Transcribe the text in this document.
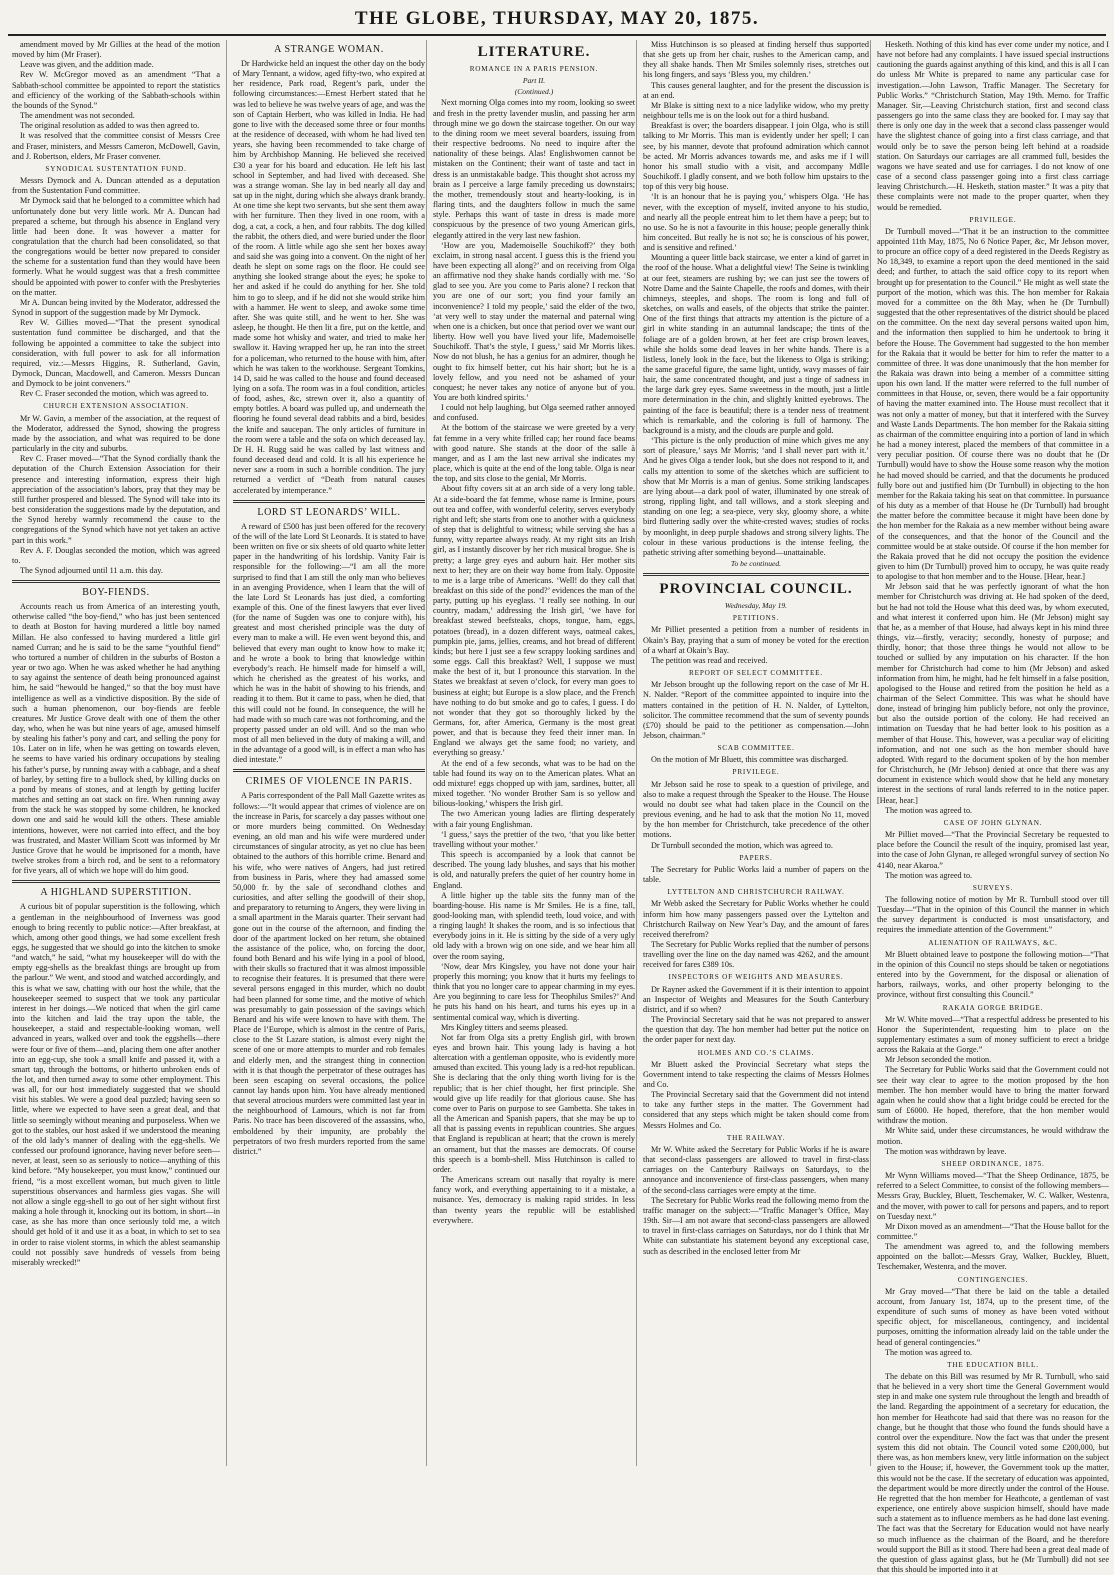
THE GLOBE, THURSDAY, MAY 20, 1875.

amendment moved by Mr Gillies at the head of the motion moved by him (Mr Fraser).

Leave was given, and the addition made.

Rev W. McGregor moved as an amendment “That a Sabbath-school committee be appointed to report the statistics and efficiency of the working of the Sabbath-schools within the bounds of the Synod.”

The amendment was not seconded.

The original resolution as added to was then agreed to.

It was resolved that the committee consist of Messrs Cree and Fraser, ministers, and Messrs Cameron, McDowell, Gavin, and J. Robertson, elders, Mr Fraser convener.

SYNODICAL SUSTENTATION FUND.

Messrs Dymock and A. Duncan attended as a deputation from the Sustentation Fund committee.

Mr Dymock said that he belonged to a committee which had unfortunately done but very little work. Mr A. Duncan had prepared a scheme, but through his absence in England very little had been done. It was however a matter for congratulation that the church had been consolidated, so that the congregations would be better now prepared to consider the scheme for a sustentation fund than they would have been formerly. What he would suggest was that a fresh committee should be appointed with power to confer with the Presbyteries on the matter.

Mr A. Duncan being invited by the Moderator, addressed the Synod in support of the suggestion made by Mr Dymock.

Rev W. Gillies moved—“That the present synodical sustentation fund committee be discharged, and that the following be appointed a committee to take the subject into consideration, with full power to ask for all information required, viz.:—Messrs Higgins, R. Sutherland, Gavin, Dymock, Duncan, Macdowell, and Cameron. Messrs Duncan and Dymock to be joint conveners.”

Rev C. Fraser seconded the motion, which was agreed to.

CHURCH EXTENSION ASSOCIATION.

Mr W. Gavin, a member of the association, at the request of the Moderator, addressed the Synod, showing the progress made by the association, and what was required to be done particularly in the city and suburbs.

Rev C. Fraser moved—“That the Synod cordially thank the deputation of the Church Extension Association for their presence and interesting information, express their high appreciation of the association’s labors, pray that they may be still further prospered and blessed. The Synod will take into its best consideration the suggestions made by the deputation, and the Synod hereby warmly recommend the cause to the congregations of the Synod which have not yet taken an active part in this work.”

Rev A. F. Douglas seconded the motion, which was agreed to.

The Synod adjourned until 11 a.m. this day.

BOY-FIENDS.

Accounts reach us from America of an interesting youth, otherwise called “the boy-fiend,” who has just been sentenced to death at Boston for having murdered a little boy named Millan. He also confessed to having murdered a little girl named Curran; and he is said to be the same “youthful fiend” who tortured a number of children in the suburbs of Boston a year or two ago. When he was asked whether he had anything to say against the sentence of death being pronounced against him, he said “hewould be hanged,” so that the boy must have intelligence as well as a vindictive disposition. By the side of such a human phenomenon, our boy-fiends are feeble creatures. Mr Justice Grove dealt with one of them the other day, who, when he was but nine years of age, amused himself by stealing his father’s pony and cart, and selling the pony for 10s. Later on in life, when he was getting on towards eleven, he seems to have varied his ordinary occupations by stealing his father’s purse, by running away with a cabbage, and a sheaf of barley, by setting fire to a bullock shed, by killing ducks on a pond by means of stones, and at length by getting lucifer matches and setting an oat stack on fire. When running away from the stack he was stopped by some children, he knocked down one and said he would kill the others. These amiable intentions, however, were not carried into effect, and the boy was frustrated, and Master William Scott was informed by Mr Justice Grove that he would be imprisoned for a month, have twelve strokes from a birch rod, and be sent to a reformatory for five years, all of which we hope will do him good.

A HIGHLAND SUPERSTITION.

A curious bit of popular superstition is the following, which a gentleman in the neighbourhood of Inverness was good enough to bring recently to public notice:—After breakfast, at which, among other good things, we had some excellent fresh eggs, he suggested that we should go into the kitchen to smoke “and watch,” he said, “what my housekeeper will do with the empty egg-shells as the breakfast things are brought up from the parlour.” We went, and stood and watched accordingly, and this is what we saw, chatting with our host the while, that the housekeeper seemed to suspect that we took any particular interest in her doings.—We noticed that when the girl came into the kitchen and laid the tray upon the table, the housekeeper, a staid and respectable-looking woman, well advanced in years, walked over and took the eggshells—there were four or five of them—and, placing them one after another into an egg-cup, she took a small knife and passed it, with a smart tap, through the bottoms, or hitherto unbroken ends of the lot, and then turned away to some other employment. This was all, for our host immediately suggested that we should visit his stables. We were a good deal puzzled; having seen so little, where we expected to have seen a great deal, and that little so seemingly without meaning and purposeless. When we got to the stables, our host asked if we understood the meaning of the old lady’s manner of dealing with the egg-shells. We confessed our profound ignorance, having never before seen—never, at least, seen so as seriously to notice—anything of this kind before. “My housekeeper, you must know,” continued our friend, “is a most excellent woman, but much given to little superstitious observances and harmless gies vagas. She will not allow a single egg-shell to go out of her sight without first making a hole through it, knocking out its bottom, in short—in case, as she has more than once seriously told me, a witch should get hold of it and use it as a boat, in which to set to sea in order to raise violent storms, in which the ablest seamanship could not possibly save hundreds of vessels from being miserably wrecked!”

A STRANGE WOMAN.

Dr Hardwicke held an inquest the other day on the body of Mary Tennant, a widow, aged fifty-two, who expired at her residence, Park road, Regent’s park, under the following circumstances:—Ernest Herbert stated that he was led to believe he was twelve years of age, and was the son of Captain Herbert, who was killed in India. He had gone to live with the deceased some three or four months at the residence of deceased, with whom he had lived ten years, she having been recommended to take charge of him by Archbishop Manning. He believed she received £30 a year for his board and education. He left his last school in September, and had lived with deceased. She was a strange woman. She lay in bed nearly all day and sat up in the night, during which she always drank brandy. At one time she kept two servants, but she sent them away with her furniture. Then they lived in one room, with a dog, a cat, a cock, a hen, and four rabbits. The dog killed the rabbit, the others died, and were buried under the floor of the room. A little while ago she sent her boxes away and said she was going into a convent. On the night of her death he slept on some rags on the floor. He could see anything she looked strange about the eyes; he spoke to her and asked if he could do anything for her. She told him to go to sleep, and if he did not she would strike him with a hammer. He went to sleep, and awoke some time after. She was quite still, and he went to her. She was asleep, he thought. He then lit a fire, put on the kettle, and made some hot whisky and water, and tried to make her swallow it. Having wrapped her up, he ran into the street for a policeman, who returned to the house with him, after which he was taken to the workhouse. Sergeant Tomkins, 14 D, said he was called to the house and found deceased lying on a sofa. The room was in a foul condition, articles of food, ashes, &c, strewn over it, also a quantity of empty bottles. A board was pulled up, and underneath the flooring he found several dead rabbits and a bird, besides the knife and saucepan. The only articles of furniture in the room were a table and the sofa on which deceased lay. Dr H. H. Rugg said he was called by last witness and found deceased dead and cold. It is all his experience he never saw a room in such a horrible condition. The jury returned a verdict of “Death from natural causes accelerated by intemperance.”

LORD ST LEONARDS’ WILL.

A reward of £500 has just been offered for the recovery of the will of the late Lord St Leonards. It is stated to have been written on five or six sheets of old quarto white letter paper in the handwriting of his lordship. Vanity Fair is responsible for the following:—“I am all the more surprised to find that I am still the only man who believes in an avenging Providence, when I learn that the will of the late Lord St Leonards has just died, a comforting example of this. One of the finest lawyers that ever lived (for the name of Sugden was one to conjure with), his greatest and most cherished principle was the duty of every man to make a will. He even went beyond this, and believed that every man ought to know how to make it; and he wrote a book to bring that knowledge within everybody’s reach. He himself made for himself a will, which he cherished as the greatest of his works, and which he was in the habit of showing to his friends, and reading it to them. But it came to pass, when he died, that this will could not be found. In consequence, the will he had made with so much care was not forthcoming, and the property passed under an old will. And so the man who most of all men believed in the duty of making a will, and in the advantage of a good will, is in effect a man who has died intestate.”

CRIMES OF VIOLENCE IN PARIS.

A Paris correspondent of the Pall Mall Gazette writes as follows:—“It would appear that crimes of violence are on the increase in Paris, for scarcely a day passes without one or more murders being committed. On Wednesday evening, an old man and his wife were murdered under circumstances of singular atrocity, as yet no clue has been obtained to the authors of this horrible crime. Benard and his wife, who were natives of Angers, had just retired from business in Paris, where they had amassed some 50,000 fr. by the sale of secondhand clothes and curiosities, and after selling the goodwill of their shop, and preparatory to returning to Angers, they were living in a small apartment in the Marais quarter. Their servant had gone out in the course of the afternoon, and finding the door of the apartment locked on her return, she obtained the assistance of the police, who, on forcing the door, found both Benard and his wife lying in a pool of blood, with their skulls so fractured that it was almost impossible to recognise their features. It is presumed that there were several persons engaged in this murder, which no doubt had been planned for some time, and the motive of which was presumably to gain possession of the savings which Benard and his wife were known to have with them. The Place de l’Europe, which is almost in the centre of Paris, close to the St Lazare station, is almost every night the scene of one or more attempts to murder and rob females and elderly men, and the strangest thing in connection with it is that though the perpetrator of these outrages has been seen escaping on several occasions, the police cannot lay hands upon him. You have already mentioned that several atrocious murders were committed last year in the neighbourhood of Lamours, which is not far from Paris. No trace has been discovered of the assassins, who, emboldened by their impunity, are probably the perpetrators of two fresh murders reported from the same district.”

LITERATURE.
ROMANCE IN A PARIS PENSION.
Part II.
(Continued.)

Next morning Olga comes into my room, looking so sweet and fresh in the pretty lavender muslin, and passing her arm through mine we go down the staircase together. On our way to the dining room we meet several boarders, issuing from their respective bedrooms. No need to inquire after the nationality of these beings. Alas! Englishwomen cannot be mistaken on the Continent; their want of taste and tact in dress is an unmistakable badge. This thought shot across my brain as I perceive a large family preceding us downstairs; the mother, tremendously stout and hearty-looking, is in flaring tints, and the daughters follow in much the same style. Perhaps this want of taste in dress is made more conspicuous by the presence of two young American girls, elegantly attired in the very last new fashion.

‘How are you, Mademoiselle Souchikoff?’ they both exclaim, in strong nasal accent. I guess this is the friend you have been expecting all along?’ and on receiving from Olga an affirmative nod they shake hands cordially with me. ‘So glad to see you. Are you come to Paris alone? I reckon that you are one of our sort; you find your family an inconvenience? I told my people,’ said the elder of the two, ‘at very well to stay under the maternal and paternal wing when one is a chicken, but once that period over we want our liberty. How well you have lived your life, Mademoiselle Souchikoff. That’s the style, I guess,’ said Mr Morris likes. Now do not blush, he has a genius for an admirer, though he ought to fix himself better, cut his hair short; but he is a lovely fellow, and you need not be ashamed of your conquest; he never takes any notice of anyone but of you. You are both kindred spirits.’

I could not help laughing, but Olga seemed rather annoyed and confused.

At the bottom of the staircase we were greeted by a very fat femme in a very white frilled cap; her round face beams with good nature. She stands at the door of the salle à manger, and as I am the last new arrival she indicates my place, which is quite at the end of the long table. Olga is near the top, and sits close to the genial, Mr Morris.

About fifty covers sit at an arch side of a very long table. At a side-board the fat femme, whose name is Irmine, pours out tea and coffee, with wonderful celerity, serves everybody right and left; she starts from one to another with a quickness of step that is delightful to witness; while serving she has a funny, witty repartee always ready. At my right sits an Irish girl, as I instantly discover by her rich musical brogue. She is pretty; a large grey eyes and auburn hair. Her mother sits next to her; they are on their way home from Italy. Opposite to me is a large tribe of Americans. ‘Well! do they call that breakfast on this side of the pond?’ evidences the man of the party, putting up his eyeglass. ‘I really see nothing. In our country, madam,’ addressing the Irish girl, ‘we have for breakfast stewed beefsteaks, chops, tongue, ham, eggs, potatoes (bread), in a dozen different ways, oatmeal cakes, pumpkin pie, jams, jellies, creams, and hot bread of different kinds; but here I just see a few scrappy looking sardines and some eggs. Call this breakfast? Well, I suppose we must make the best of it, but I pronounce this starvation. In the States we breakfast at seven o’clock, for every man goes to business at eight; but Europe is a slow place, and the French have nothing to do but smoke and go to cafes, I guess. I do not wonder that they got so thoroughly licked by the Germans, for, after America, Germany is the most great power, and that is because they feed their inner man. In England we always get the same food; no variety, and everything so greasy.’

At the end of a few seconds, what was to be had on the table had found its way on to the American plates. What an odd mixture! eggs chopped up with jam, sardines, butter, all mixed together. ‘No wonder Brother Sam is so yellow and bilious-looking,’ whispers the Irish girl.

The two American young ladies are flirting desperately with a fair young Englishman.

‘I guess,’ says the prettier of the two, ‘that you like better travelling without your mother.’

This speech is accompanied by a look that cannot be described. The young lady blushes, and says that his mother is old, and naturally prefers the quiet of her country home in England.

A little higher up the table sits the funny man of the boarding-house. His name is Mr Smiles. He is a fine, tall, good-looking man, with splendid teeth, loud voice, and with a ringing laugh! It shakes the room, and is so infectious that everybody joins in it. He is sitting by the side of a very ugly old lady with a brown wig on one side, and we hear him all over the room saying,

‘Now, dear Mrs Kingsley, you have not done your hair properly this morning; you know that it hurts my feelings to think that you no longer care to appear charming in my eyes. Are you beginning to care less for Theophilus Smiles?’ And he puts his hand on his heart, and turns his eyes up in a sentimental comical way, which is diverting.

Mrs Kingley titters and seems pleased.

Not far from Olga sits a pretty English girl, with brown eyes and brown hair. This young lady is having a hot altercation with a gentleman opposite, who is evidently more amused than excited. This young lady is a red-hot republican. She is declaring that the only thing worth living for is the republic; that is her chief thought, her first principle. She would give up life readily for that glorious cause. She has come over to Paris on purpose to see Gambetta. She takes in all the American and Spanish papers, that she may be up to all that is passing events in republican countries. She argues that England is republican at heart; that the crown is merely an ornament, but that the masses are democrats. Of course this speech is a bomb-shell. Miss Hutchinson is called to order.

The Americans scream out nasally that royalty is mere fancy work, and everything appertaining to it a mistake, a nuisance. Yes, democracy is making rapid strides. In less than twenty years the republic will be established everywhere.

Miss Hutchinson is so pleased at finding herself thus supported that she gets up from her chair, rushes to the American camp, and they all shake hands. Then Mr Smiles solemnly rises, stretches out his long fingers, and says ‘Bless you, my children.’

This causes general laughter, and for the present the discussion is at an end.

Mr Blake is sitting next to a nice ladylike widow, who my pretty neighbour tells me is on the look out for a third husband.

Breakfast is over; the boarders disappear. I join Olga, who is still talking to Mr Morris. This man is evidently under her spell; I can see, by his manner, devote that profound admiration which cannot be acted. Mr Morris advances towards me, and asks me if I will honor his small studio with a visit, and accompany Mdlle Souchikoff. I gladly consent, and we both follow him upstairs to the top of this very big house.

‘It is an honour that he is paying you,’ whispers Olga. ‘He has never, with the exception of myself, invited anyone to his studio, and nearly all the people entreat him to let them have a peep; but to no use. So he is not a favourite in this house; people generally think him conceited. But really he is not so; he is conscious of his power, and is sensitive and refined.’

Mounting a queer little back staircase, we enter a kind of garret in the roof of the house. What a delightful view! The Seine is twinkling at our feet, steamers are rushing by; we can just see the towers of Notre Dame and the Sainte Chapelle, the roofs and domes, with their chimneys, steeples, and shops. The room is long and full of sketches, on walls and easels, of the objects that strike the painter. One of the first things that attracts my attention is the picture of a girl in white standing in an autumnal landscape; the tints of the foliage are of a golden brown, at her feet are crisp brown leaves, while she holds some dead leaves in her white hands. There is a listless, lonely look in the face, but the likeness to Olga is striking; the same graceful figure, the same light, untidy, wavy masses of fair hair, the same concentrated thought, and just a tinge of sadness in the large dark grey eyes. Same sweetness in the mouth, just a little more determination in the chin, and slightly knitted eyebrows. The painting of the face is beautiful; there is a tender ness of treatment which is remarkable, and the coloring is full of harmony. The background is a misty, and the clouds are purple and gold.

‘This picture is the only production of mine which gives me any sort of pleasure,’ says Mr Morris; ‘and I shall never part with it.’ And he gives Olga a tender look, but she does not respond to it, and calls my attention to some of the sketches which are sufficient to show that Mr Morris is a man of genius. Some striking landscapes are lying about—a dark pool of water, illuminated by one streak of strong, rippling light, and tall willows, and a stork sleeping and standing on one leg; a sea-piece, very sky, gloomy shore, a white bird fluttering sadly over the white-crested waves; studies of rocks by moonlight, in deep purple shadows and strong silvery lights. The colour in these various productions is the intense feeling, the pathetic striving after something beyond—unattainable.

To be continued.
PROVINCIAL COUNCIL.
Wednesday, May 19.
PETITIONS.

Mr Pilliet presented a petition from a number of residents in Okain’s Bay, praying that a sum of money be voted for the erection of a wharf at Okain’s Bay.

The petition was read and received.

REPORT OF SELECT COMMITTEE.

Mr Jebson brought up the following report on the case of Mr H. N. Nalder. “Report of the committee appointed to inquire into the matters contained in the petition of H. N. Nalder, of Lyttelton, solicitor. The committee recommend that the sum of seventy pounds (£70) should be paid to the petitioner as compensation.—John Jebson, chairman.”

SCAB COMMITTEE.

On the motion of Mr Bluett, this committee was discharged.

PRIVILEGE.

Mr Jebson said he rose to speak to a question of privilege, and also to make a request through the Speaker to the House. The House would no doubt see what had taken place in the Council on the previous evening, and he had to ask that the motion No 11, moved by the hon member for Christchurch, take precedence of the other motions.

Dr Turnbull seconded the motion, which was agreed to.

PAPERS.

The Secretary for Public Works laid a number of papers on the table.

LYTTELTON AND CHRISTCHURCH RAILWAY.

Mr Webb asked the Secretary for Public Works whether he could inform him how many passengers passed over the Lyttelton and Christchurch Railway on New Year’s Day, and the amount of fares received therefrom?

The Secretary for Public Works replied that the number of persons travelling over the line on the day named was 4262, and the amount received for fares £389 10s.

INSPECTORS OF WEIGHTS AND MEASURES.

Dr Rayner asked the Government if it is their intention to appoint an Inspector of Weights and Measures for the South Canterbury district, and if so when?

The Provincial Secretary said that he was not prepared to answer the question that day. The hon member had better put the notice on the order paper for next day.

HOLMES AND CO.’S CLAIMS.

Mr Bluett asked the Provincial Secretary what steps the Government intend to take respecting the claims of Messrs Holmes and Co.

The Provincial Secretary said that the Government did not intend to take any further steps in the matter. The Government had considered that any steps which might be taken should come from Messrs Holmes and Co.

THE RAILWAY.

Mr W. White asked the Secretary for Public Works if he is aware that second-class passengers are allowed to travel in first-class carriages on the Canterbury Railways on Saturdays, to the annoyance and inconvenience of first-class passengers, when many of the second-class carriages were empty at the time.

The Secretary for Public Works read the following memo from the traffic manager on the subject:—“Traffic Manager’s Office, May 19th. Sir—I am not aware that second-class passengers are allowed to travel in first-class carriages on Saturdays, nor do I think that Mr White can substantiate his statement beyond any exceptional case, such as described in the enclosed letter from Mr

Hesketh. Nothing of this kind has ever come under my notice, and I have not before had any complaints. I have issued special instructions cautioning the guards against anything of this kind, and this is all I can do unless Mr White is prepared to name any particular case for investigation.—John Lawson, Traffic Manager. The Secretary for Public Works.” “Christchurch Station, May 19th. Memo. for Traffic Manager. Sir,—Leaving Christchurch station, first and second class passengers go into the same class they are booked for. I may say that there is only one day in the week that a second class passenger would have the slightest chance of going into a first class carriage, and that would only be to save the person being left behind at a roadside station. On Saturdays our carriages are all crammed full, besides the wagons we have seated and use for carriages. I do not know of one case of a second class passenger going into a first class carriage leaving Christchurch.—H. Hesketh, station master.” It was a pity that these complaints were not made to the proper quarter, when they would be remedied.

PRIVILEGE.

Dr Turnbull moved—“That it be an instruction to the committee appointed 11th May, 1875, No 6 Notice Paper, &c, Mr Jebson mover, to procure an office copy of a deed registered in the Deeds Registry as No 18,349, to examine a report upon the deed mentioned in the said deed; and further, to attach the said office copy to its report when brought up for presentation to the Council.” He might as well state the purport of the motion, which was this. The hon member for Rakaia moved for a committee on the 8th May, when he (Dr Turnbull) suggested that the other representatives of the district should be placed on the committee. On the next day several persons waited upon him, and the information then supplied to him he undertook to bring it before the House. The Government had suggested to the hon member for the Rakaia that it would be better for him to refer the matter to a committee of three. It was done unanimously that the hon member for the Rakaia was drawn into being a member of a committee sitting upon his own land. If the matter were referred to the full number of committees in that House, or, seven, there would be a fair opportunity of having the matter examined into. The House must recollect that it was not only a matter of money, but that it interfered with the Survey and Waste Lands Departments. The hon member for the Rakaia sitting as chairman of the committee enquiring into a portion of land in which he had a money interest, placed the members of that committee in a very peculiar position. Of course there was no doubt that he (Dr Turnbull) would have to show the House some reason why the motion he had moved should be carried, and that the documents he produced fully bore out and justified him (Dr Turnbull) in objecting to the hon member for the Rakaia taking his seat on that committee. In pursuance of his duty as a member of that House he (Dr Turnbull) had brought the matter before the committee because it might have been done by the hon member for the Rakaia as a new member without being aware of the consequences, and that the honor of the Council and the committee would be at stake outside. Of course if the hon member for the Rakaia proved that he did not occupy the position the evidence given to him (Dr Turnbull) proved him to occupy, he was quite ready to apologise to that hon member and to the House. [Hear, hear.]

Mr Jebson said that he was perfectly ignorant of what the hon member for Christchurch was driving at. He had spoken of the deed, but he had not told the House what this deed was, by whom executed, and what interest it conferred upon him. He (Mr Jebson) might say that he, as a member of that House, had always kept in his mind three things, viz—firstly, veracity; secondly, honesty of purpose; and thirdly, honor; that those three things he would not allow to be touched or sullied by any imputation on his character. If the hon member for Christchurch had come to him (Mr Jebson) and asked information from him, he might, had he felt himself in a false position, apologised to the House and retired from the position he held as a chairman of the Select Committee. This was what he should have done, instead of bringing him publicly before, not only the province, but also the outside portion of the colony. He had received an intimation on Tuesday that he had better look to his position as a member of that House. This, however, was a peculiar way of eliciting information, and not one such as the hon member should have adopted. With regard to the document spoken of by the hon member for Christchurch, he (Mr Jebson) denied at once that there was any document in existence which would show that he held any monetary interest in the sections of rural lands referred to in the notice paper. [Hear, hear.]

The motion was agreed to.

CASE OF JOHN GLYNAN.

Mr Pilliet moved—“That the Provincial Secretary be requested to place before the Council the result of the inquiry, promised last year, into the case of John Glynan, re alleged wrongful survey of section No 4140, near Akaroa.”

The motion was agreed to.

SURVEYS.

The following notice of motion by Mr R. Turnbull stood over till Tuesday—“That in the opinion of this Council the manner in which the survey department is conducted is most unsatisfactory, and requires the immediate attention of the Government.”

ALIENATION OF RAILWAYS, &C.

Mr Bluett obtained leave to postpone the following motion—“That in the opinion of this Council no steps should be taken or negotiations entered into by the Government, for the disposal or alienation of harbors, railways, works, and other property belonging to the province, without first consulting this Council.”

RAKAIA GORGE BRIDGE.

Mr W. White moved—“That a respectful address be presented to his Honor the Superintendent, requesting him to place on the supplementary estimates a sum of money sufficient to erect a bridge across the Rakaia at the Gorge.”

Mr Jebson seconded the motion.

The Secretary for Public Works said that the Government could not see their way clear to agree to the motion proposed by the hon member. The hon member would have to bring the matter forward again when he could show that a light bridge could be erected for the sum of £6000. He hoped, therefore, that the hon member would withdraw the motion.

Mr White said, under these circumstances, he would withdraw the motion.

The motion was withdrawn by leave.

SHEEP ORDINANCE, 1875.

Mr Wynn Williams moved—“That the Sheep Ordinance, 1875, be referred to a Select Committee, to consist of the following members—Messrs Gray, Buckley, Bluett, Teschemaker, W. C. Walker, Westenra, and the mover, with power to call for persons and papers, and to report on Tuesday next.”

Mr Dixon moved as an amendment—“That the House ballot for the committee.”

The amendment was agreed to, and the following members appointed on the ballot:—Messrs Gray, Walker, Buckley, Bluett, Teschemaker, Westenra, and the mover.

CONTINGENCIES.

Mr Gray moved—“That there be laid on the table a detailed account, from January 1st, 1874, up to the present time, of the expenditure of such sums of money as have been voted without specific object, for miscellaneous, contingency, and incidental purposes, omitting the information already laid on the table under the head of general contingencies.”

The motion was agreed to.

THE EDUCATION BILL.

The debate on this Bill was resumed by Mr R. Turnbull, who said that he believed in a very short time the General Government would step in and make one system rule throughout the length and breadth of the land. Regarding the appointment of a secretary for education, the hon member for Heathcote had said that there was no reason for the change, but he thought that those who found the funds should have a control over the expenditure. Now the fact was that under the present system this did not obtain. The Council voted some £200,000, but there was, as hon members knew, very little information on the subject given to the House; if, however, the Government took up the matter, this would not be the case. If the secretary of education was appointed, the department would be more directly under the control of the House. He regretted that the hon member for Heathcote, a gentleman of vast experience, one entirely above suspicion himself, should have made such a statement as to influence members as he had done last evening. The fact was that the Secretary for Education would not have nearly so much influence as the chairman of the Board, and he therefore would support the Bill as it stood. There had been a great deal made of the question of glass against glass, but he (Mr Turnbull) did not see that this should be imported into it at
